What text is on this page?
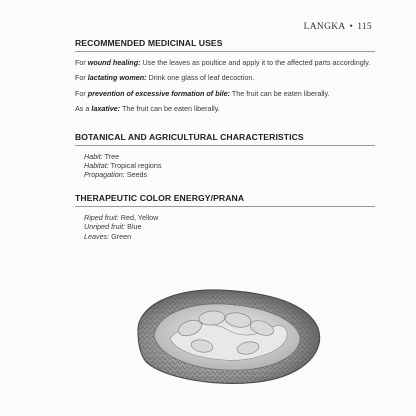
LANGKA • 115
RECOMMENDED MEDICINAL USES

For wound healing: Use the leaves as poultice and apply it to the affected parts accordingly.

For lactating women: Drink one glass of leaf decoction.

For prevention of excessive formation of bile: The fruit can be eaten liberally.

As a laxative: The fruit can be eaten liberally.

BOTANICAL AND AGRICULTURAL CHARACTERISTICS
Habit: Tree
Habitat: Tropical regions
Propagation: Seeds
THERAPEUTIC COLOR ENERGY/PRANA
Riped fruit: Red, Yellow
Unriped fruit: Blue
Leaves: Green
